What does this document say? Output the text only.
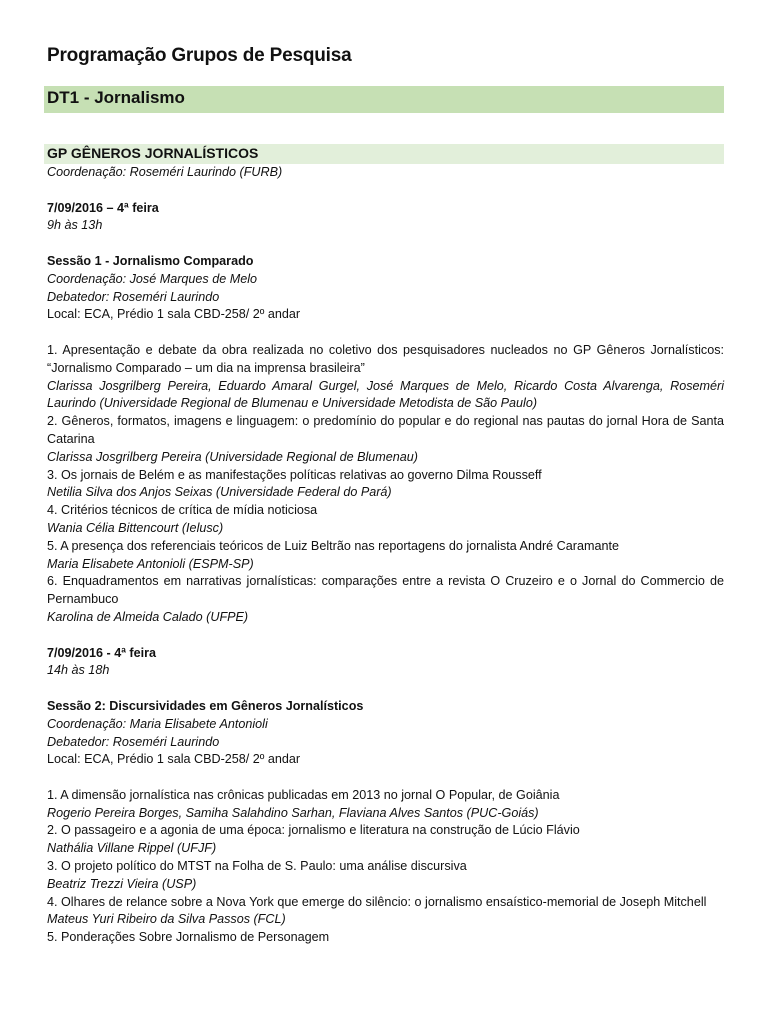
Programação Grupos de Pesquisa
DT1 - Jornalismo
GP GÊNEROS JORNALÍSTICOS
Coordenação: Roseméri Laurindo (FURB)
7/09/2016 – 4ª feira
9h às 13h
Sessão 1 - Jornalismo Comparado
Coordenação: José Marques de Melo
Debatedor: Roseméri Laurindo
Local: ECA, Prédio 1 sala CBD-258/ 2º andar
1. Apresentação e debate da obra realizada no coletivo dos pesquisadores nucleados no GP Gêneros Jornalísticos: “Jornalismo Comparado – um dia na imprensa brasileira”
Clarissa Josgrilberg Pereira, Eduardo Amaral Gurgel, José Marques de Melo, Ricardo Costa Alvarenga, Roseméri Laurindo (Universidade Regional de Blumenau e Universidade Metodista de São Paulo)
2. Gêneros, formatos, imagens e linguagem: o predomínio do popular e do regional nas pautas do jornal Hora de Santa Catarina
Clarissa Josgrilberg Pereira (Universidade Regional de Blumenau)
3. Os jornais de Belém e as manifestações políticas relativas ao governo Dilma Rousseff
Netilia Silva dos Anjos Seixas (Universidade Federal do Pará)
4. Critérios técnicos de crítica de mídia noticiosa
Wania Célia Bittencourt (Ielusc)
5. A presença dos referenciais teóricos de Luiz Beltrão nas reportagens do jornalista André Caramante
Maria Elisabete Antonioli (ESPM-SP)
6. Enquadramentos em narrativas jornalísticas: comparações entre a revista O Cruzeiro e o Jornal do Commercio de Pernambuco
Karolina de Almeida Calado (UFPE)
7/09/2016 - 4ª feira
14h às 18h
Sessão 2: Discursividades em Gêneros Jornalísticos
Coordenação: Maria Elisabete Antonioli
Debatedor: Roseméri Laurindo
Local: ECA, Prédio 1 sala CBD-258/ 2º andar
1. A dimensão jornalística nas crônicas publicadas em 2013 no jornal O Popular, de Goiânia
Rogerio Pereira Borges, Samiha Salahdino Sarhan, Flaviana Alves Santos (PUC-Goiás)
2. O passageiro e a agonia de uma época: jornalismo e literatura na construção de Lúcio Flávio
Nathália Villane Rippel (UFJF)
3. O projeto político do MTST na Folha de S. Paulo: uma análise discursiva
Beatriz Trezzi Vieira (USP)
4. Olhares de relance sobre a Nova York que emerge do silêncio: o jornalismo ensaístico-memorial de Joseph Mitchell
Mateus Yuri Ribeiro da Silva Passos (FCL)
5. Ponderações Sobre Jornalismo de Personagem
